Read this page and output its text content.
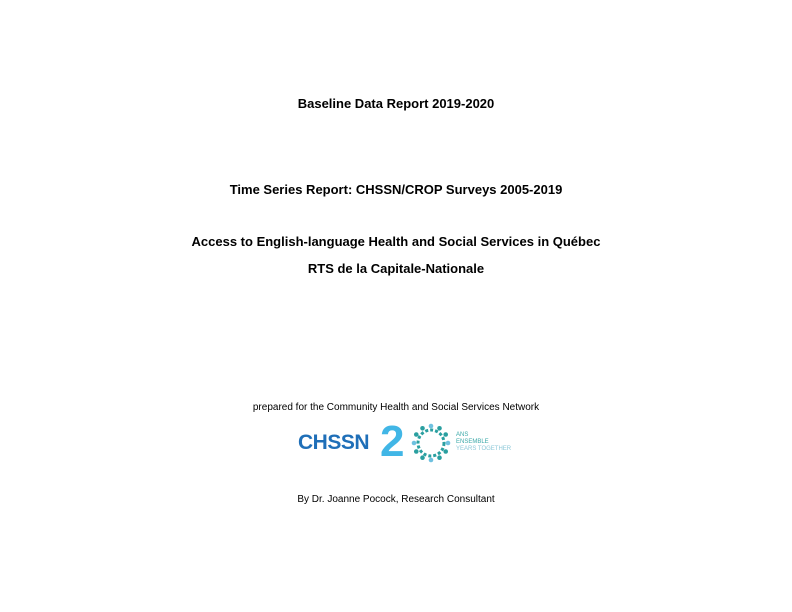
Baseline Data Report 2019-2020
Time Series Report: CHSSN/CROP Surveys 2005-2019
Access to English-language Health and Social Services in Québec
RTS de la Capitale-Nationale
prepared for the Community Health and Social Services Network
CHSSN 2	ANS
ENSEMBLE
YEARS TOGETHER
By Dr. Joanne Pocock, Research Consultant
